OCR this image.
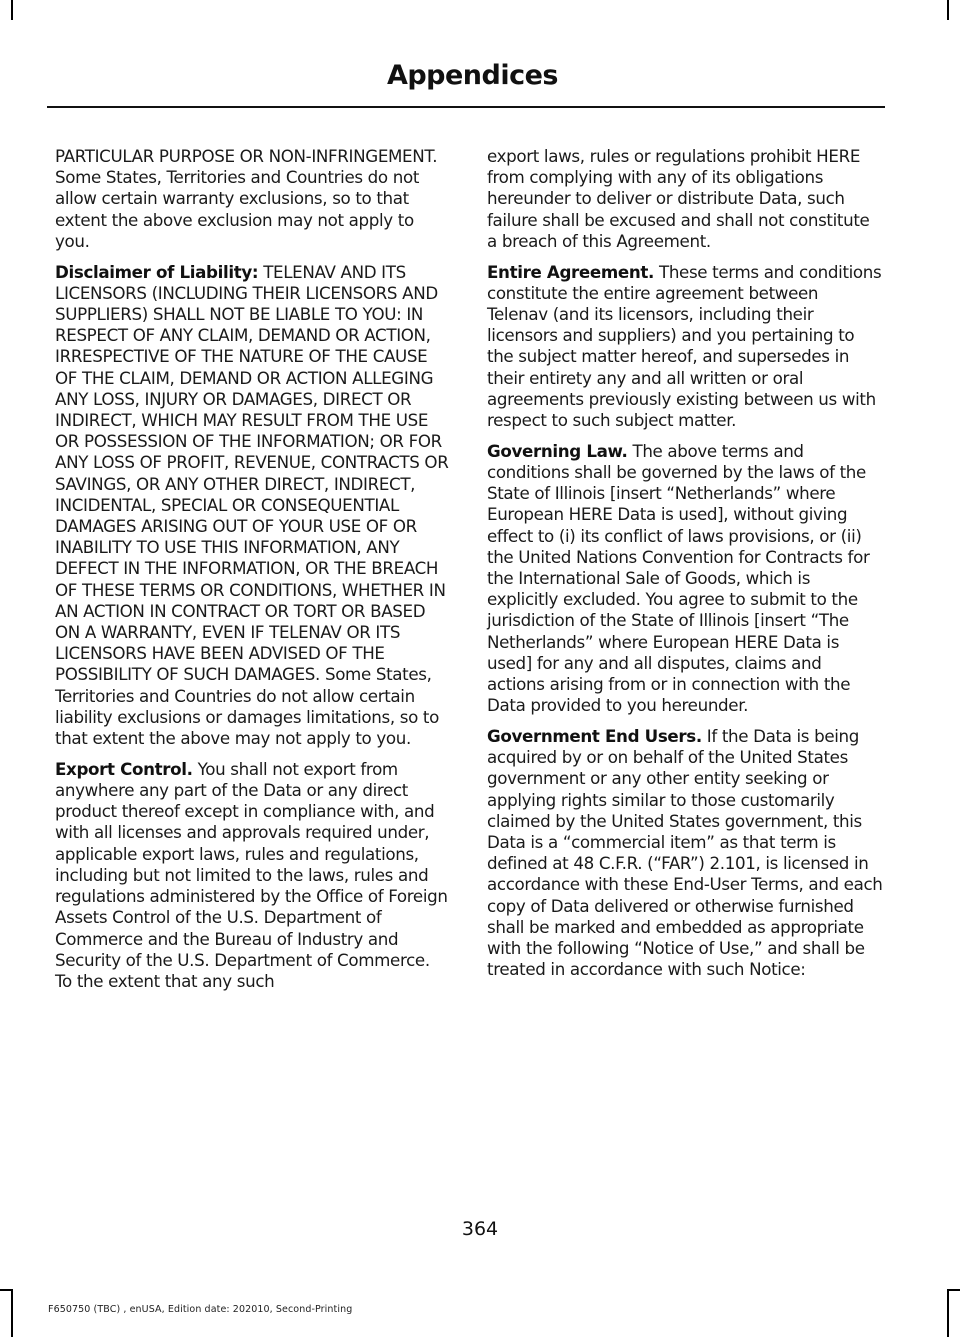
Appendices

PARTICULAR PURPOSE OR NON-INFRINGEMENT. Some States, Territories and Countries do not allow certain warranty exclusions, so to that extent the above exclusion may not apply to you.

Disclaimer of Liability: TELENAV AND ITS LICENSORS (INCLUDING THEIR LICENSORS AND SUPPLIERS) SHALL NOT BE LIABLE TO YOU: IN RESPECT OF ANY CLAIM, DEMAND OR ACTION, IRRESPECTIVE OF THE NATURE OF THE CAUSE OF THE CLAIM, DEMAND OR ACTION ALLEGING ANY LOSS, INJURY OR DAMAGES, DIRECT OR INDIRECT, WHICH MAY RESULT FROM THE USE OR POSSESSION OF THE INFORMATION; OR FOR ANY LOSS OF PROFIT, REVENUE, CONTRACTS OR SAVINGS, OR ANY OTHER DIRECT, INDIRECT, INCIDENTAL, SPECIAL OR CONSEQUENTIAL DAMAGES ARISING OUT OF YOUR USE OF OR INABILITY TO USE THIS INFORMATION, ANY DEFECT IN THE INFORMATION, OR THE BREACH OF THESE TERMS OR CONDITIONS, WHETHER IN AN ACTION IN CONTRACT OR TORT OR BASED ON A WARRANTY, EVEN IF TELENAV OR ITS LICENSORS HAVE BEEN ADVISED OF THE POSSIBILITY OF SUCH DAMAGES. Some States, Territories and Countries do not allow certain liability exclusions or damages limitations, so to that extent the above may not apply to you.

Export Control. You shall not export from anywhere any part of the Data or any direct product thereof except in compliance with, and with all licenses and approvals required under, applicable export laws, rules and regulations, including but not limited to the laws, rules and regulations administered by the Office of Foreign Assets Control of the U.S. Department of Commerce and the Bureau of Industry and Security of the U.S. Department of Commerce. To the extent that any such

export laws, rules or regulations prohibit HERE from complying with any of its obligations hereunder to deliver or distribute Data, such failure shall be excused and shall not constitute a breach of this Agreement.

Entire Agreement. These terms and conditions constitute the entire agreement between Telenav (and its licensors, including their licensors and suppliers) and you pertaining to the subject matter hereof, and supersedes in their entirety any and all written or oral agreements previously existing between us with respect to such subject matter.

Governing Law. The above terms and conditions shall be governed by the laws of the State of Illinois [insert “Netherlands” where European HERE Data is used], without giving effect to (i) its conflict of laws provisions, or (ii) the United Nations Convention for Contracts for the International Sale of Goods, which is explicitly excluded. You agree to submit to the jurisdiction of the State of Illinois [insert “The Netherlands” where European HERE Data is used] for any and all disputes, claims and actions arising from or in connection with the Data provided to you hereunder.

Government End Users. If the Data is being acquired by or on behalf of the United States government or any other entity seeking or applying rights similar to those customarily claimed by the United States government, this Data is a “commercial item” as that term is defined at 48 C.F.R. (“FAR”) 2.101, is licensed in accordance with these End-User Terms, and each copy of Data delivered or otherwise furnished shall be marked and embedded as appropriate with the following “Notice of Use,” and shall be treated in accordance with such Notice:

364
F650750 (TBC) , enUSA, Edition date: 202010, Second-Printing
